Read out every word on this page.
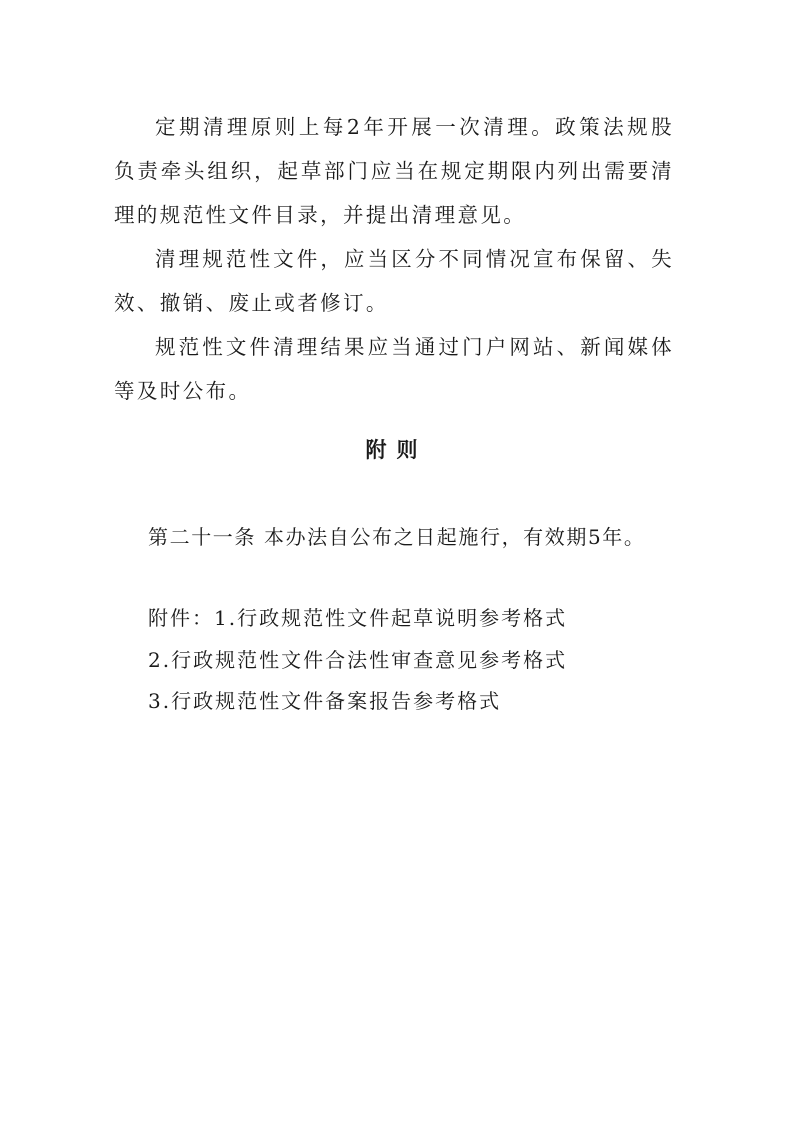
定期清理原则上每2年开展一次清理。政策法规股负责牵头组织，起草部门应当在规定期限内列出需要清理的规范性文件目录，并提出清理意见。

清理规范性文件，应当区分不同情况宣布保留、失效、撤销、废止或者修订。

规范性文件清理结果应当通过门户网站、新闻媒体等及时公布。

附则

第二十一条 本办法自公布之日起施行，有效期5年。

附件：1.行政规范性文件起草说明参考格式

2.行政规范性文件合法性审查意见参考格式

3.行政规范性文件备案报告参考格式
